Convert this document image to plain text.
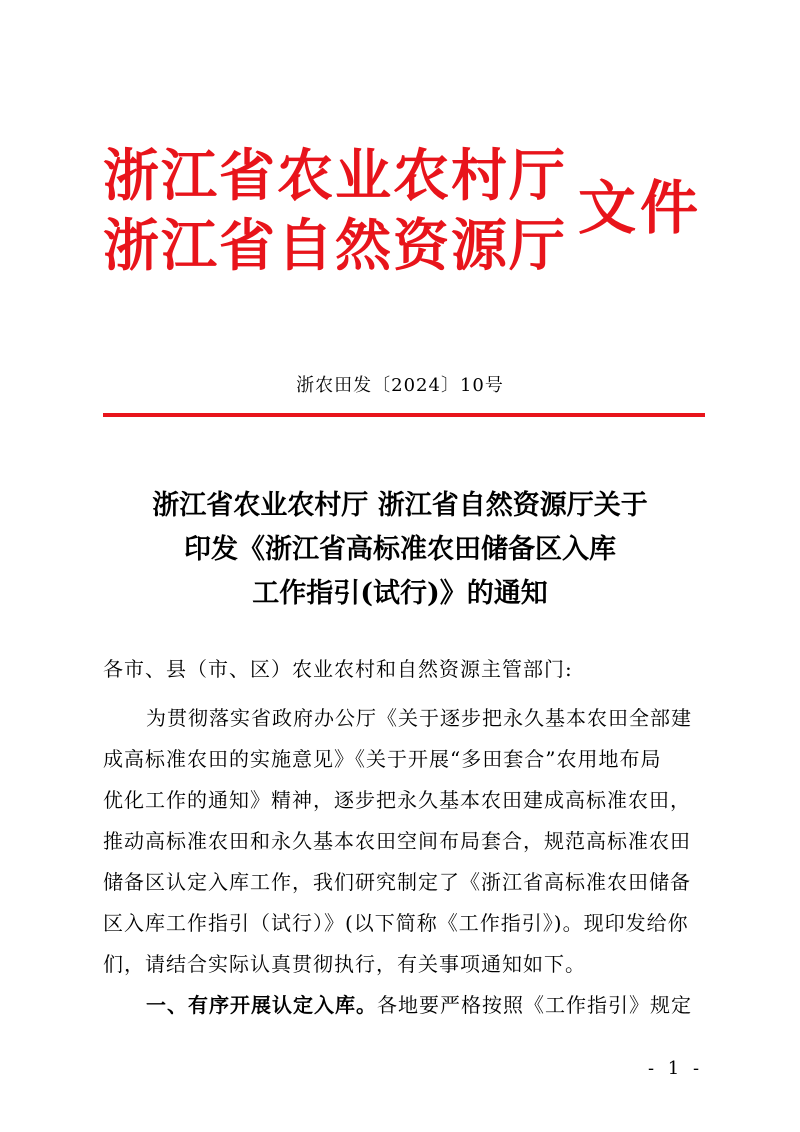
浙江省农业农村厅
浙江省自然资源厅
文件
浙农田发〔2024〕10号
浙江省农业农村厅 浙江省自然资源厅关于
印发《浙江省高标准农田储备区入库
工作指引(试行)》的通知
各市、县（市、区）农业农村和自然资源主管部门:
为贯彻落实省政府办公厅《关于逐步把永久基本农田全部建
成高标准农田的实施意见》《关于开展“多田套合”农用地布局
优化工作的通知》精神，逐步把永久基本农田建成高标准农田，
推动高标准农田和永久基本农田空间布局套合，规范高标准农田
储备区认定入库工作，我们研究制定了《浙江省高标准农田储备
区入库工作指引（试行）》(以下简称《工作指引》)。现印发给你
们，请结合实际认真贯彻执行，有关事项通知如下。
一、有序开展认定入库。各地要严格按照《工作指引》规定
- 1 -
